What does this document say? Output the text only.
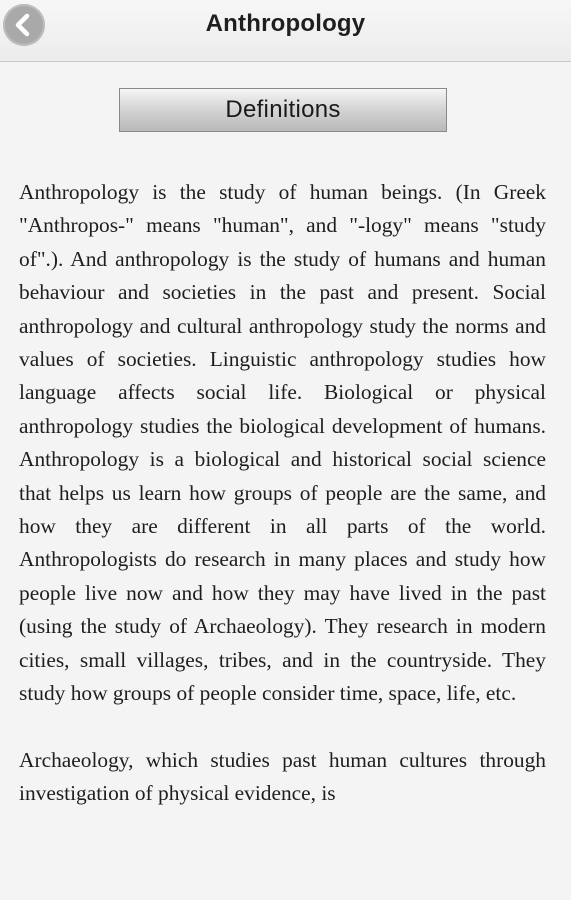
Anthropology
Definitions

Anthropology is the study of human beings. (In Greek "Anthropos-" means "human", and "-logy" means "study of".). And anthropology is the study of humans and human behaviour and societies in the past and present. Social anthropology and cultural anthropology study the norms and values of societies. Linguistic anthropology studies how language affects social life. Biological or physical anthropology studies the biological development of humans. Anthropology is a biological and historical social science that helps us learn how groups of people are the same, and how they are different in all parts of the world. Anthropologists do research in many places and study how people live now and how they may have lived in the past (using the study of Archaeology). They research in modern cities, small villages, tribes, and in the countryside. They study how groups of people consider time, space, life, etc.

Archaeology, which studies past human cultures through investigation of physical evidence, is
